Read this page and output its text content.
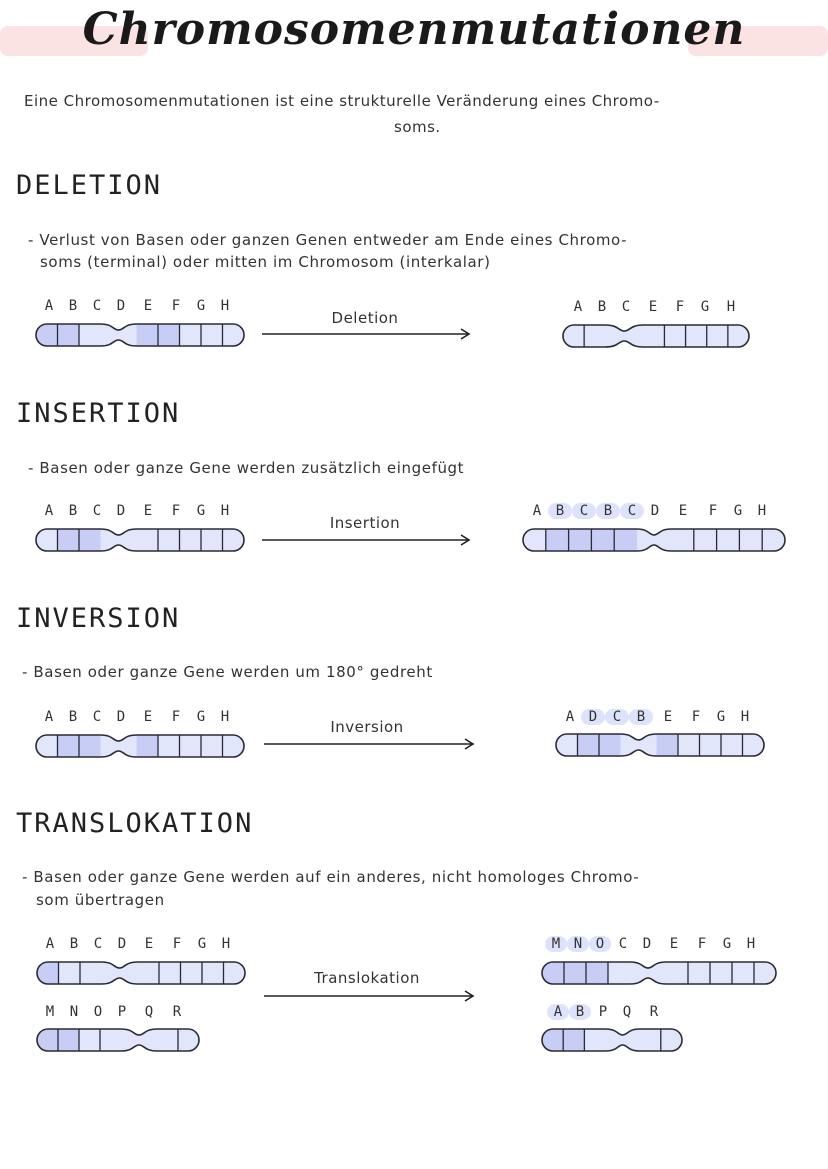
Chromosomenmutationen
Eine Chromosomenmutationen ist eine strukturelle Veränderung eines Chromo-
soms.
DELETION
- Verlust von Basen oder ganzen Genen entweder am Ende eines Chromo-
soms (terminal) oder mitten im Chromosom (interkalar)
A B C D E F G H
Deletion
A B C E F G H
INSERTION
- Basen oder ganze Gene werden zusätzlich eingefügt
A B C D E F G H
Insertion
A B C B C D E F G H
INVERSION
- Basen oder ganze Gene werden um 180° gedreht
A B C D E F G H
Inversion
A D C B E F G H
TRANSLOKATION
- Basen oder ganze Gene werden auf ein anderes, nicht homologes Chromo-
som übertragen
A B C D E F G H
M N O P Q R
Translokation
M N O C D E F G H
A B P Q R
